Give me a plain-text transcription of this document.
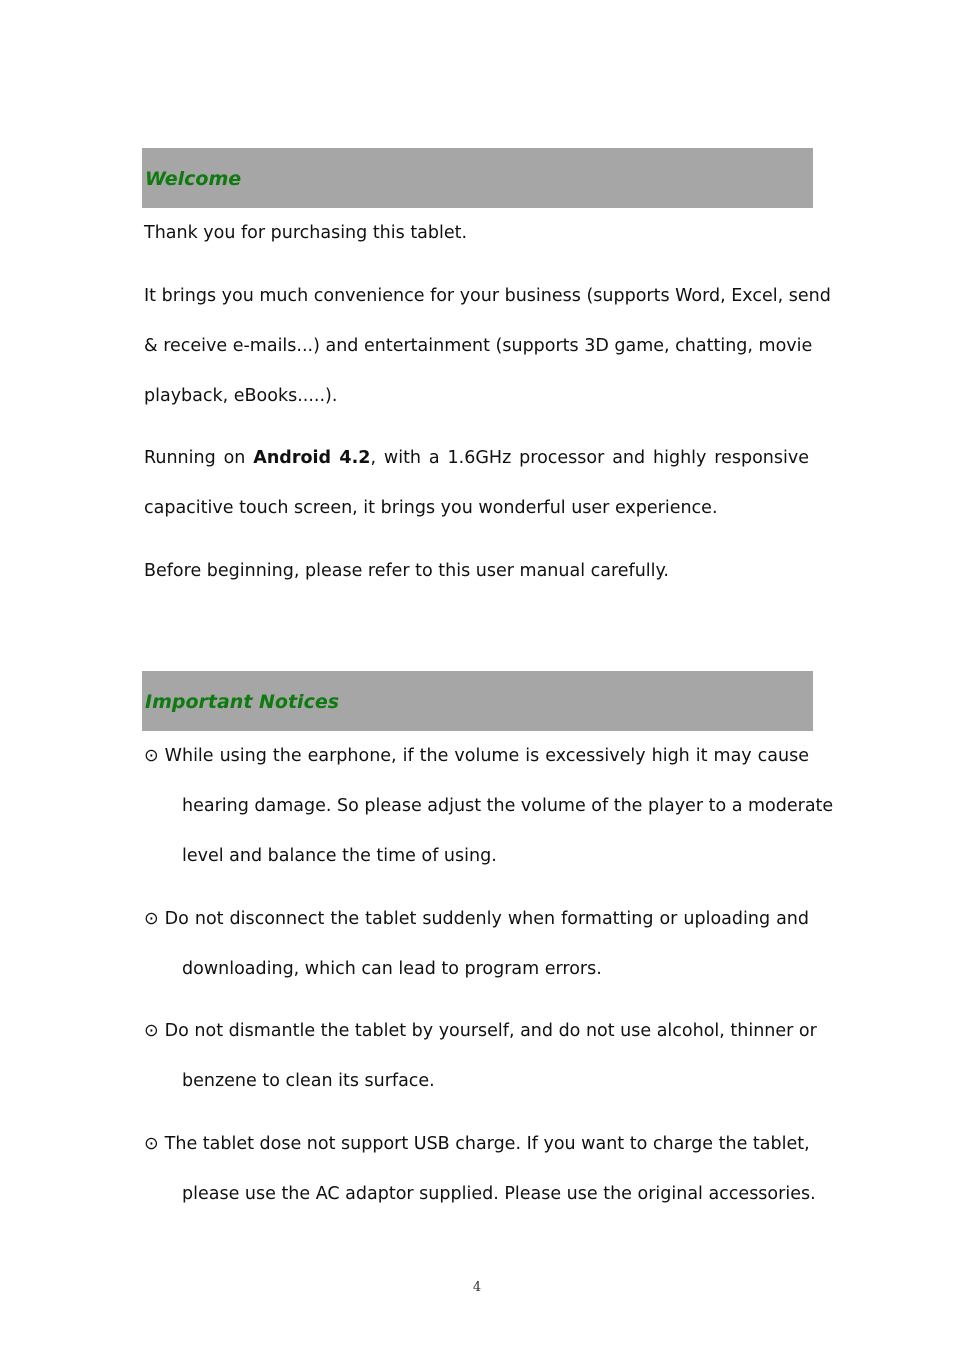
Welcome
Thank you for purchasing this tablet.
It brings you much convenience for your business (supports Word, Excel, send
& receive e-mails...) and entertainment (supports 3D game, chatting, movie
playback, eBooks.....).
Running on Android 4.2, with a 1.6GHz processor and highly responsive
capacitive touch screen, it brings you wonderful user experience.
Before beginning, please refer to this user manual carefully.
Important Notices
⊙ While using the earphone, if the volume is excessively high it may cause
hearing damage. So please adjust the volume of the player to a moderate
level and balance the time of using.
⊙ Do not disconnect the tablet suddenly when formatting or uploading and
downloading, which can lead to program errors.
⊙ Do not dismantle the tablet by yourself, and do not use alcohol, thinner or
benzene to clean its surface.
⊙ The tablet dose not support USB charge. If you want to charge the tablet,
please use the AC adaptor supplied. Please use the original accessories.
4
